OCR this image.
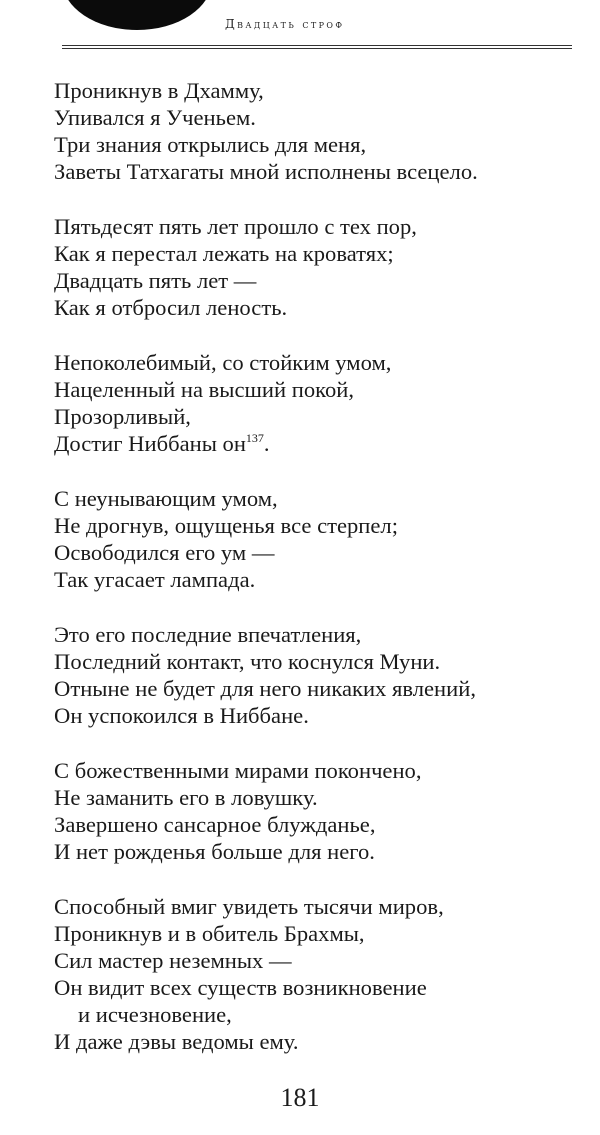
Двадцать строф
Проникнув в Дхамму,
Упивался я Ученьем.
Три знания открылись для меня,
Заветы Татхагаты мной исполнены всецело.
Пятьдесят пять лет прошло с тех пор,
Как я перестал лежать на кроватях;
Двадцать пять лет —
Как я отбросил леность.
Непоколебимый, со стойким умом,
Нацеленный на высший покой,
Прозорливый,
Достиг Ниббаны $он^{137}$.
С неунывающим умом,
Не дрогнув, ощущенья все стерпел;
Освободился его ум —
Так угасает лампада.
Это его последние впечатления,
Последний контакт, что коснулся Муни.
Отныне не будет для него никаких явлений,
Он успокоился в Ниббане.
С божественными мирами покончено,
Не заманить его в ловушку.
Завершено сансарное блужданье,
И нет рожденья больше для него.
Способный вмиг увидеть тысячи миров,
Проникнув и в обитель Брахмы,
Сил мастер неземных —
Он видит всех существ возникновение
и исчезновение,
И даже дэвы ведомы ему.
181
